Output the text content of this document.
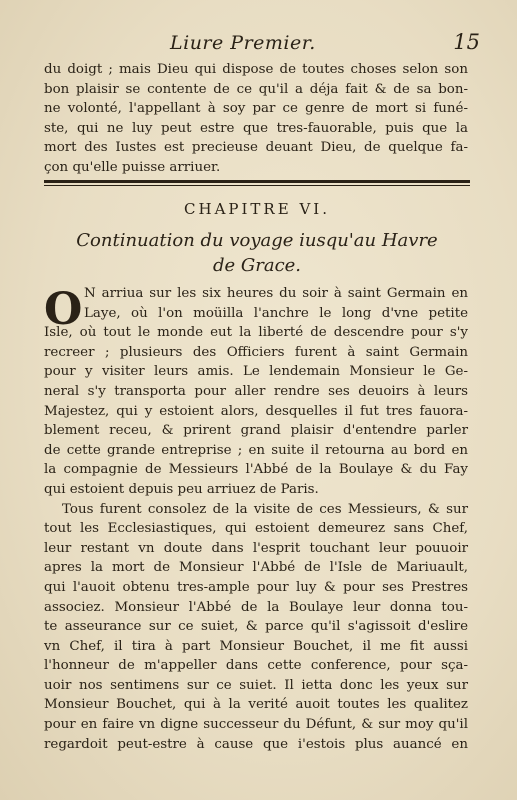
Liure Premier.	15
du doigt ; mais Dieu qui dispose de toutes choses selon son
bon plaisir se contente de ce qu'il a déja fait & de sa bon-
ne volonté, l'appellant à soy par ce genre de mort si funé-
ste, qui ne luy peut estre que tres-fauorable, puis que la
mort des Iustes est precieuse deuant Dieu, de quelque fa-
çon qu'elle puisse arriuer.
CHAPITRE VI.
Continuation du voyage iusqu'au Havre
de Grace.
O N arriua sur les six heures du soir à saint Germain en
Laye, où l'on moüilla l'anchre le long d'vne petite
Isle, où tout le monde eut la liberté de descendre pour s'y
recreer ; plusieurs des Officiers furent à saint Germain
pour y visiter leurs amis. Le lendemain Monsieur le Ge-
neral s'y transporta pour aller rendre ses deuoirs à leurs
Majestez, qui y estoient alors, desquelles il fut tres fauora-
blement receu, & prirent grand plaisir d'entendre parler
de cette grande entreprise ; en suite il retourna au bord en
la compagnie de Messieurs l'Abbé de la Boulaye & du Fay
qui estoient depuis peu arriuez de Paris.
Tous furent consolez de la visite de ces Messieurs, & sur
tout les Ecclesiastiques, qui estoient demeurez sans Chef,
leur restant vn doute dans l'esprit touchant leur pouuoir
apres la mort de Monsieur l'Abbé de l'Isle de Mariuault,
qui l'auoit obtenu tres-ample pour luy & pour ses Prestres
associez. Monsieur l'Abbé de la Boulaye leur donna tou-
te asseurance sur ce suiet, & parce qu'il s'agissoit d'eslire
vn Chef, il tira à part Monsieur Bouchet, il me fit aussi
l'honneur de m'appeller dans cette conference, pour sça-
uoir nos sentimens sur ce suiet. Il ietta donc les yeux sur
Monsieur Bouchet, qui à la verité auoit toutes les qualitez
pour en faire vn digne successeur du Défunt, & sur moy qu'il
regardoit peut-estre à cause que i'estois plus auancé en
